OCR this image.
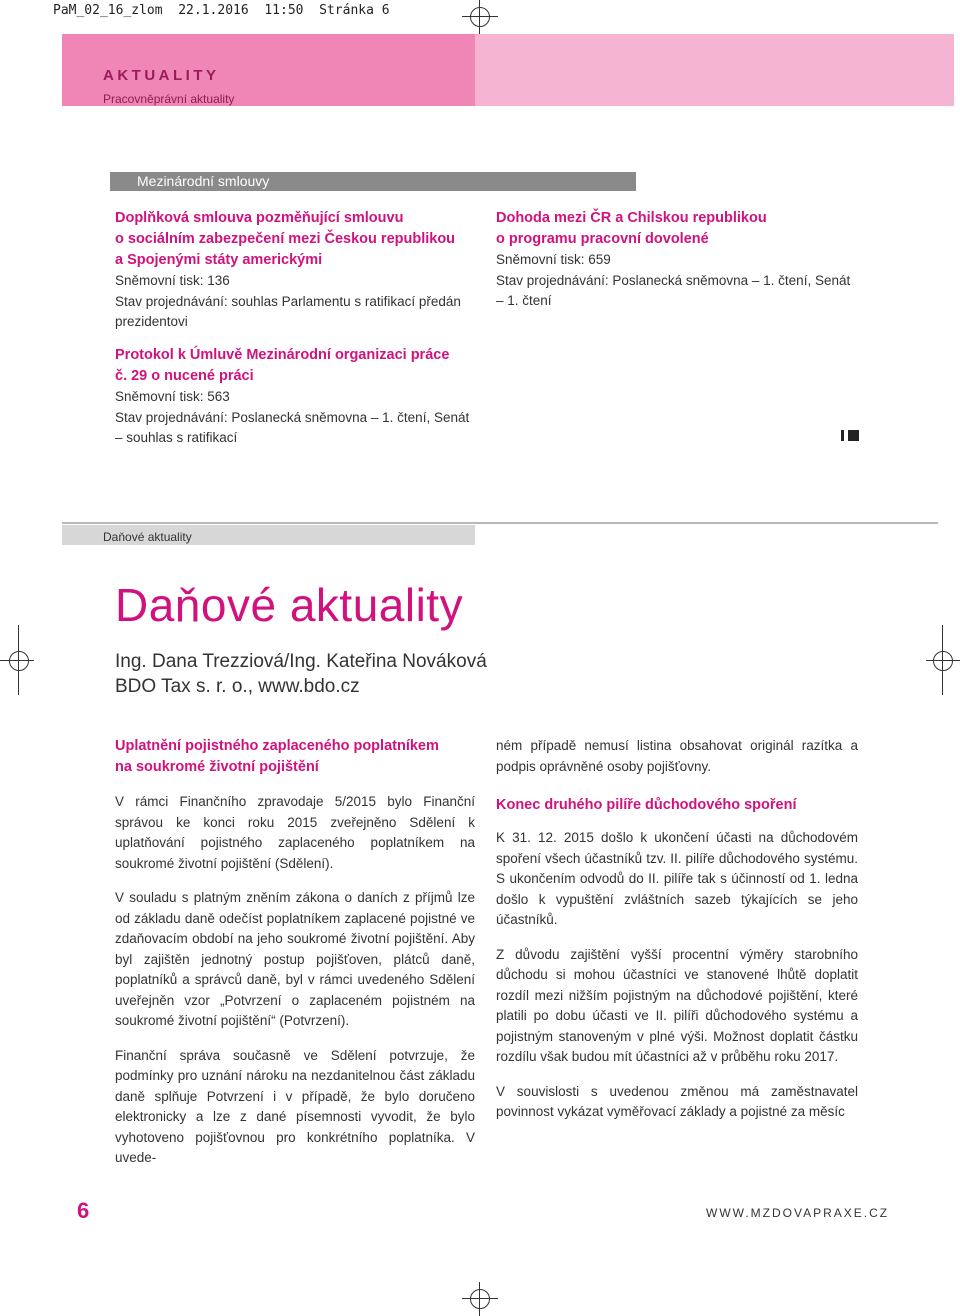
PaM_02_16_zlom 22.1.2016 11:50 Stránka 6
AKTUALITY
Pracovněprávní aktuality
Mezinárodní smlouvy
Doplňková smlouva pozměňující smlouvu
o sociálním zabezpečení mezi Českou republikou
a Spojenými státy americkými
Sněmovní tisk: 136
Stav projednávání: souhlas Parlamentu s ratifikací předán
prezidentovi
Protokol k Úmluvě Mezinárodní organizaci práce
č. 29 o nucené práci
Sněmovní tisk: 563
Stav projednávání: Poslanecká sněmovna – 1. čtení, Senát
– souhlas s ratifikací
Dohoda mezi ČR a Chilskou republikou
o programu pracovní dovolené
Sněmovní tisk: 659
Stav projednávání: Poslanecká sněmovna – 1. čtení, Senát
– 1. čtení
Daňové aktuality
Daňové aktuality
Ing. Dana Trezziová/Ing. Kateřina Nováková
BDO Tax s. r. o., www.bdo.cz
Uplatnění pojistného zaplaceného poplatníkem
na soukromé životní pojištění

V rámci Finančního zpravodaje 5/2015 bylo Finanční správou ke konci roku 2015 zveřejněno Sdělení k uplatňování pojistného zaplaceného poplatníkem na soukromé životní pojištění (Sdělení).

V souladu s platným zněním zákona o daních z příjmů lze od základu daně odečíst poplatníkem zaplacené pojistné ve zdaňovacím období na jeho soukromé životní pojištění. Aby byl zajištěn jednotný postup pojišťoven, plátců daně, poplatníků a správců daně, byl v rámci uvedeného Sdělení uveřejněn vzor „Potvrzení o zaplaceném pojistném na soukromé životní pojištění“ (Potvrzení).

Finanční správa současně ve Sdělení potvrzuje, že podmínky pro uznání nároku na nezdanitelnou část základu daně splňuje Potvrzení i v případě, že bylo doručeno elektronicky a lze z dané písemnosti vyvodit, že bylo vyhotoveno pojišťovnou pro konkrétního poplatníka. V uvede-

ném případě nemusí listina obsahovat originál razítka a podpis oprávněné osoby pojišťovny.

Konec druhého pilíře důchodového spoření

K 31. 12. 2015 došlo k ukončení účasti na důchodovém spoření všech účastníků tzv. II. pilíře důchodového systému. S ukončením odvodů do II. pilíře tak s účinností od 1. ledna došlo k vypuštění zvláštních sazeb týkajících se jeho účastníků.

Z důvodu zajištění vyšší procentní výměry starobního důchodu si mohou účastníci ve stanovené lhůtě doplatit rozdíl mezi nižším pojistným na důchodové pojištění, které platili po dobu účasti ve II. pilíři důchodového systému a pojistným stanoveným v plné výši. Možnost doplatit částku rozdílu však budou mít účastníci až v průběhu roku 2017.

V souvislosti s uvedenou změnou má zaměstnavatel povinnost vykázat vyměřovací základy a pojistné za měsíc

6	WWW.MZDOVAPRAXE.CZ
